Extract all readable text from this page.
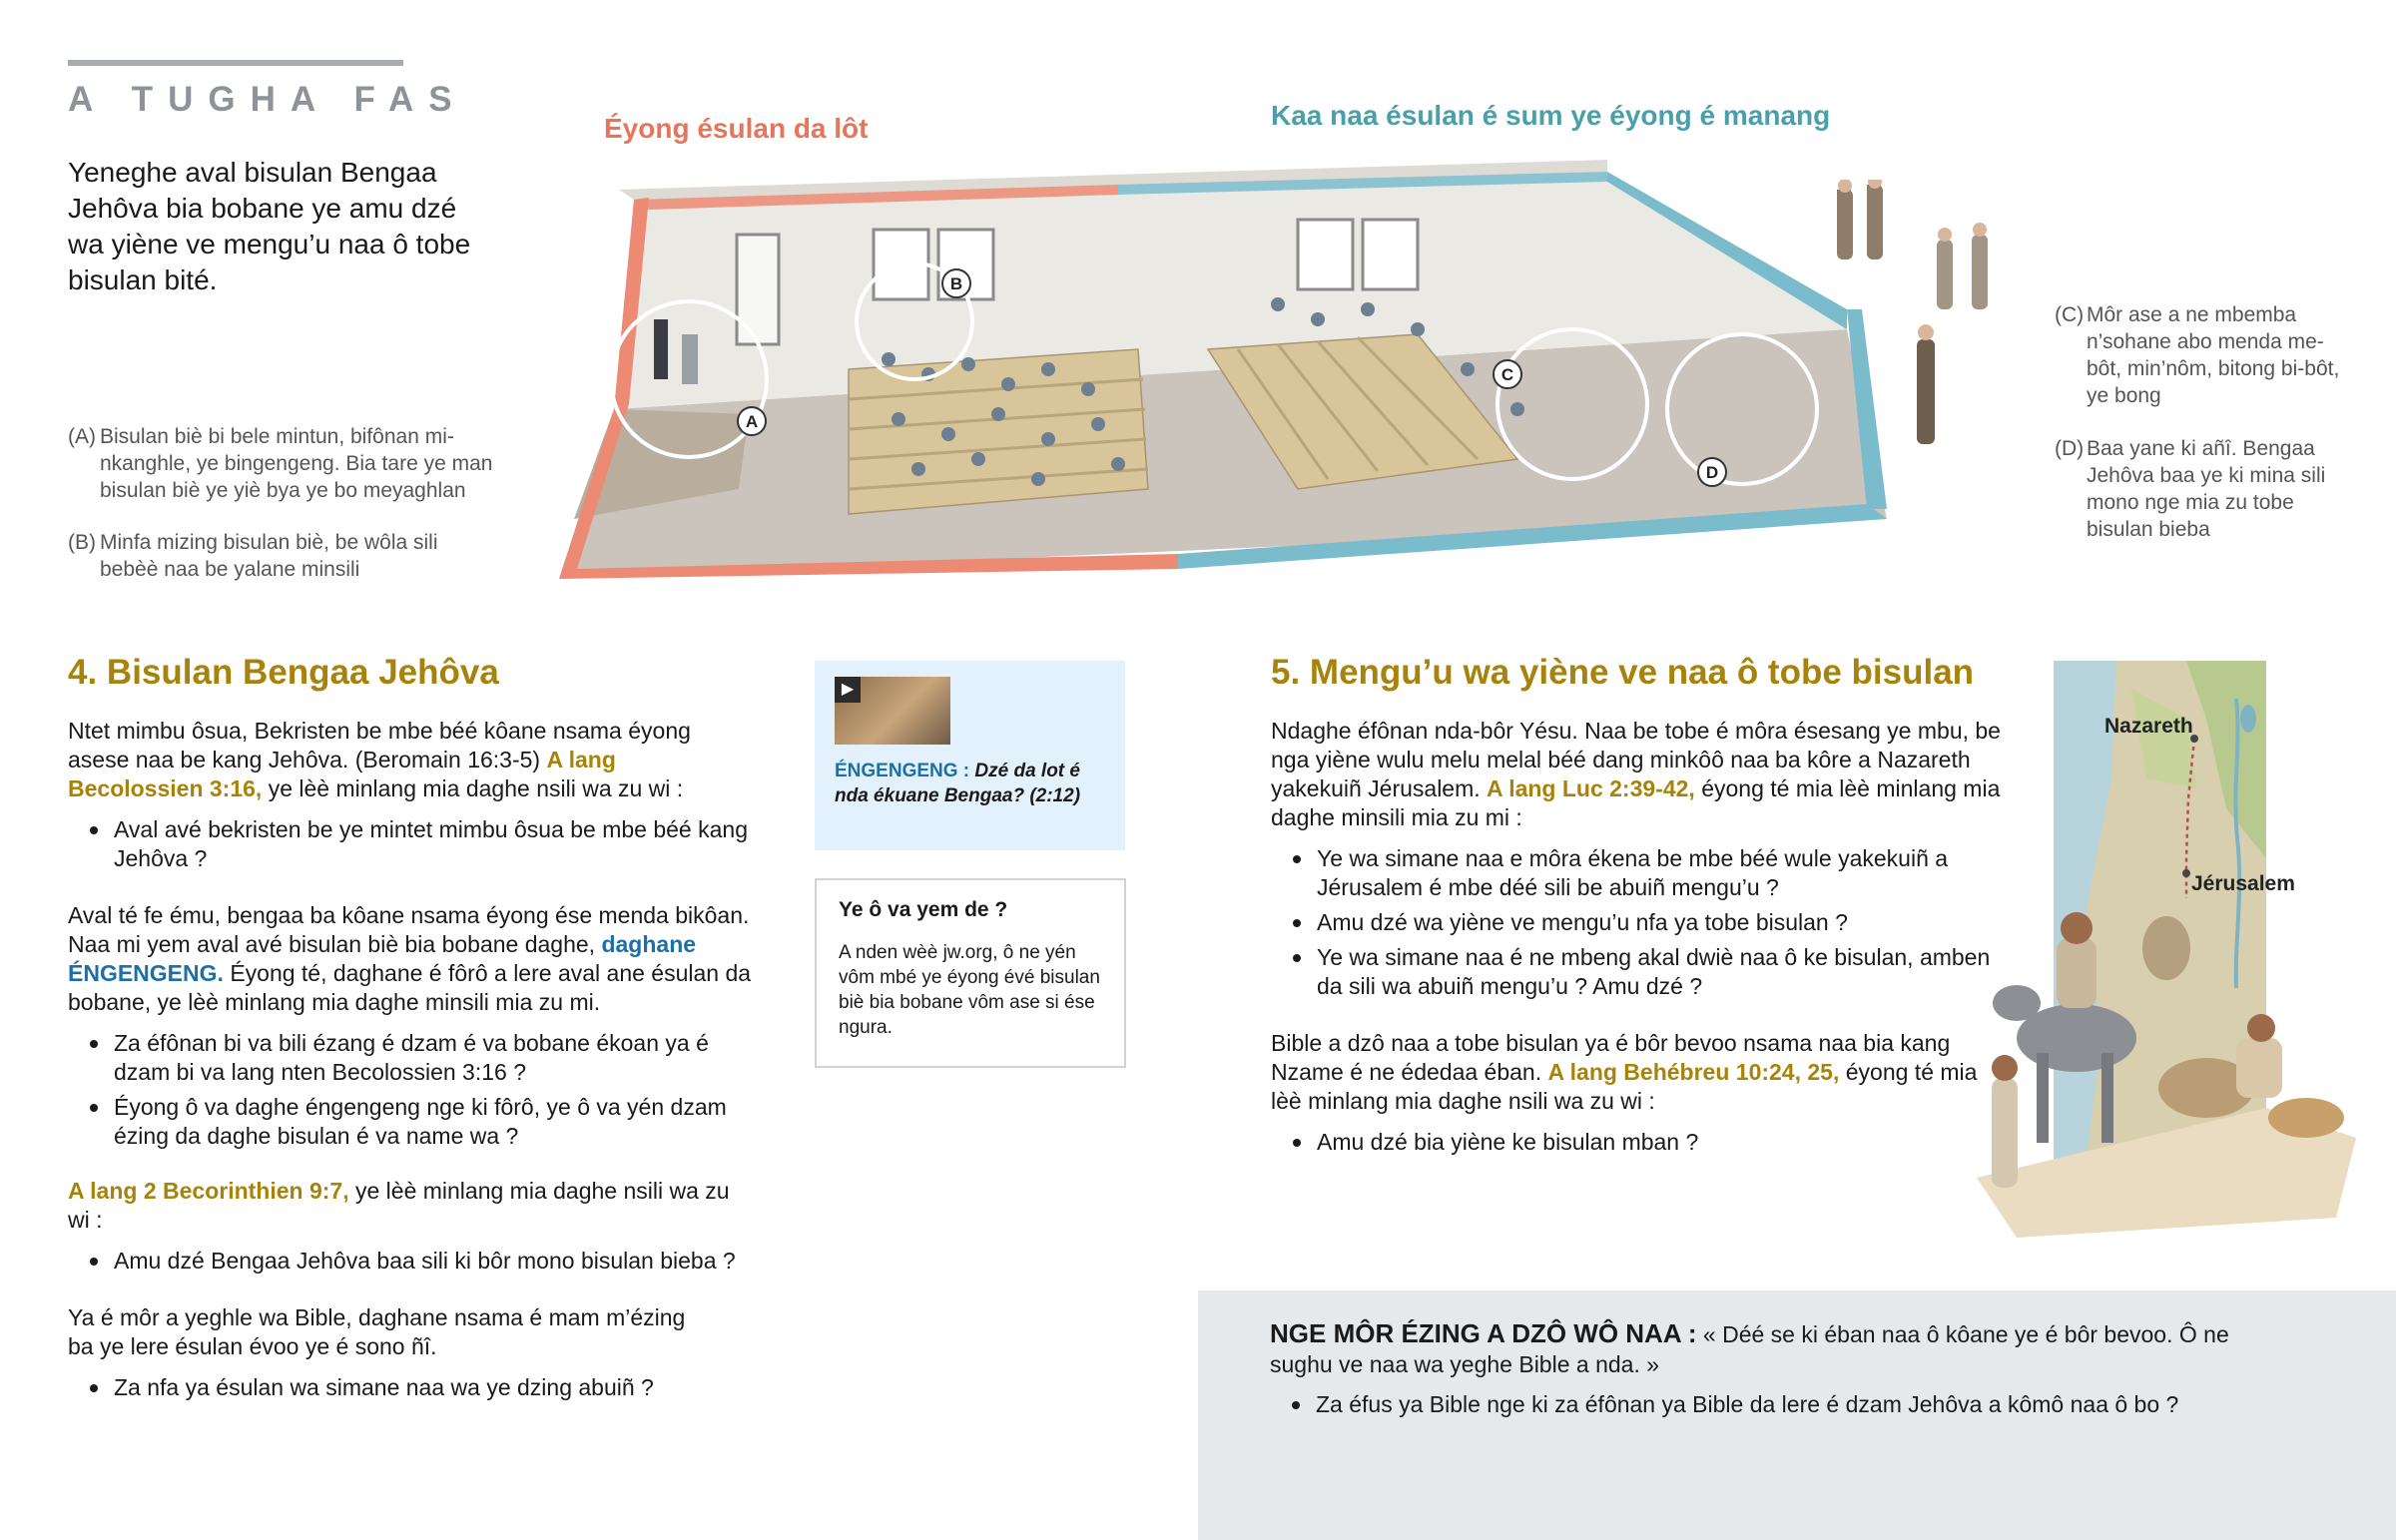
A TUGHA FAS
Yeneghe aval bisulan Bengaa Jehôva bia bobane ye amu dzé wa yiène ve mengu’u naa ô tobe bisulan bité.
(A) Bisulan biè bi bele mintun, bifônan mi-nkanghle, ye bingengeng. Bia tare ye man bisulan biè ye yiè bya ye bo meyaghlan
(B) Minfa mizing bisulan biè, be wôla sili bebèè naa be yalane minsili
Éyong ésulan da lôt	Kaa naa ésulan é sum ye éyong é manang
A
B
C
D
(C) Môr ase a ne mbemba n’sohane abo menda me-bôt, min’nôm, bitong bi-bôt, ye bong
(D) Baa yane ki añî. Bengaa Jehôva baa ye ki mina sili mono nge mia zu tobe bisulan bieba
4. Bisulan Bengaa Jehôva
Ntet mimbu ôsua, Bekristen be mbe béé kôane nsama éyong asese naa be kang Jehôva. (Beromain 16:3-5) A lang Becolossien 3:16, ye lèè minlang mia daghe nsili wa zu wi :
Aval avé bekristen be ye mintet mimbu ôsua be mbe béé kang Jehôva ?
Aval té fe ému, bengaa ba kôane nsama éyong ése menda bikôan. Naa mi yem aval avé bisulan biè bia bobane daghe, daghane ÉNGENGENG. Éyong té, daghane é fôrô a lere aval ane ésulan da bobane, ye lèè minlang mia daghe minsili mia zu mi.
Za éfônan bi va bili ézang é dzam é va bobane ékoan ya é dzam bi va lang nten Becolossien 3:16 ?
Éyong ô va daghe éngengeng nge ki fôrô, ye ô va yén dzam ézing da daghe bisulan é va name wa ?
A lang 2 Becorinthien 9:7, ye lèè minlang mia daghe nsili wa zu wi :
Amu dzé Bengaa Jehôva baa sili ki bôr mono bisulan bieba ?
Ya é môr a yeghle wa Bible, daghane nsama é mam m’ézing ba ye lere ésulan évoo ye é sono ñî.
Za nfa ya ésulan wa simane naa wa ye dzing abuiñ ?
▶
ÉNGENGENG : Dzé da lot é nda ékuane Bengaa? (2:12)
Ye ô va yem de ?
A nden wèè jw.org, ô ne yén vôm mbé ye éyong évé bisulan biè bia bobane vôm ase si ése ngura.
5. Mengu’u wa yiène ve naa ô tobe bisulan
Ndaghe éfônan nda-bôr Yésu. Naa be tobe é môra ésesang ye mbu, be nga yiène wulu melu melal béé dang minkôô naa ba kôre a Nazareth yakekuiñ Jérusalem. A lang Luc 2:39-42, éyong té mia lèè minlang mia daghe minsili mia zu mi :
Ye wa simane naa e môra ékena be mbe béé wule yakekuiñ a Jérusalem é mbe déé sili be abuiñ mengu’u ?
Amu dzé wa yiène ve mengu’u nfa ya tobe bisulan ?
Ye wa simane naa é ne mbeng akal dwiè naa ô ke bisulan, amben da sili wa abuiñ mengu’u ? Amu dzé ?
Bible a dzô naa a tobe bisulan ya é bôr bevoo nsama naa bia kang Nzame é ne édedaa éban. A lang Behébreu 10:24, 25, éyong té mia lèè minlang mia daghe nsili wa zu wi :
Amu dzé bia yiène ke bisulan mban ?
Nazareth
Jérusalem
NGE MÔR ÉZING A DZÔ WÔ NAA : « Déé se ki éban naa ô kôane ye é bôr bevoo. Ô ne sughu ve naa wa yeghe Bible a nda. »
Za éfus ya Bible nge ki za éfônan ya Bible da lere é dzam Jehôva a kômô naa ô bo ?
